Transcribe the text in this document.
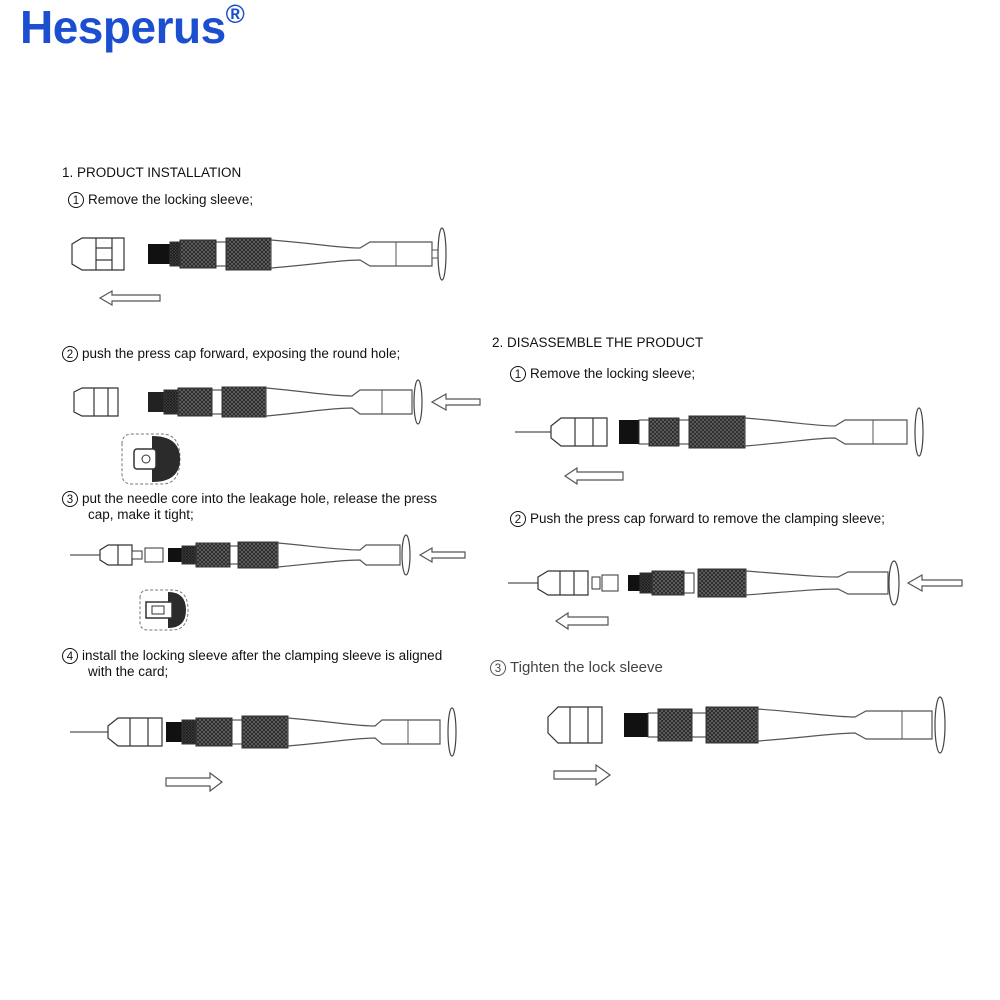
Hesperus®
1. PRODUCT INSTALLATION
1 Remove the locking sleeve;
2 push the press cap forward, exposing the round hole;
3 put the needle core into the leakage hole, release the press
cap, make it tight;
4 install the locking sleeve after the clamping sleeve is aligned
with the card;
2. DISASSEMBLE THE PRODUCT
1 Remove the locking sleeve;
2 Push the press cap forward to remove the clamping sleeve;
3 Tighten the lock sleeve
